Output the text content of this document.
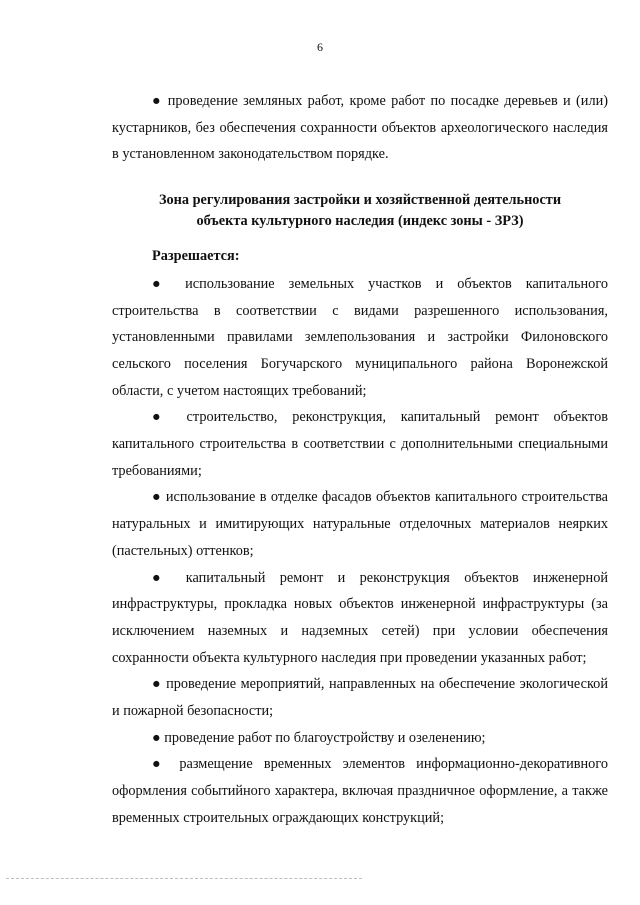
6

● проведение земляных работ, кроме работ по посадке деревьев и (или) кустарников, без обеспечения сохранности объектов археологического наследия в установленном законодательством порядке.

Зона регулирования застройки и хозяйственной деятельности
объекта культурного наследия (индекс зоны - ЗРЗ)

Разрешается:

● использование земельных участков и объектов капитального строительства в соответствии с видами разрешенного использования, установленными правилами землепользования и застройки Филоновского сельского поселения Богучарского муниципального района Воронежской области, с учетом настоящих требований;

● строительство, реконструкция, капитальный ремонт объектов капитального строительства в соответствии с дополнительными специальными требованиями;

● использование в отделке фасадов объектов капитального строительства натуральных и имитирующих натуральные отделочных материалов неярких (пастельных) оттенков;

● капитальный ремонт и реконструкция объектов инженерной инфраструктуры, прокладка новых объектов инженерной инфраструктуры (за исключением наземных и надземных сетей) при условии обеспечения сохранности объекта культурного наследия при проведении указанных работ;

● проведение мероприятий, направленных на обеспечение экологической и пожарной безопасности;

● проведение работ по благоустройству и озеленению;

● размещение временных элементов информационно-декоративного оформления событийного характера, включая праздничное оформление, а также временных строительных ограждающих конструкций;
